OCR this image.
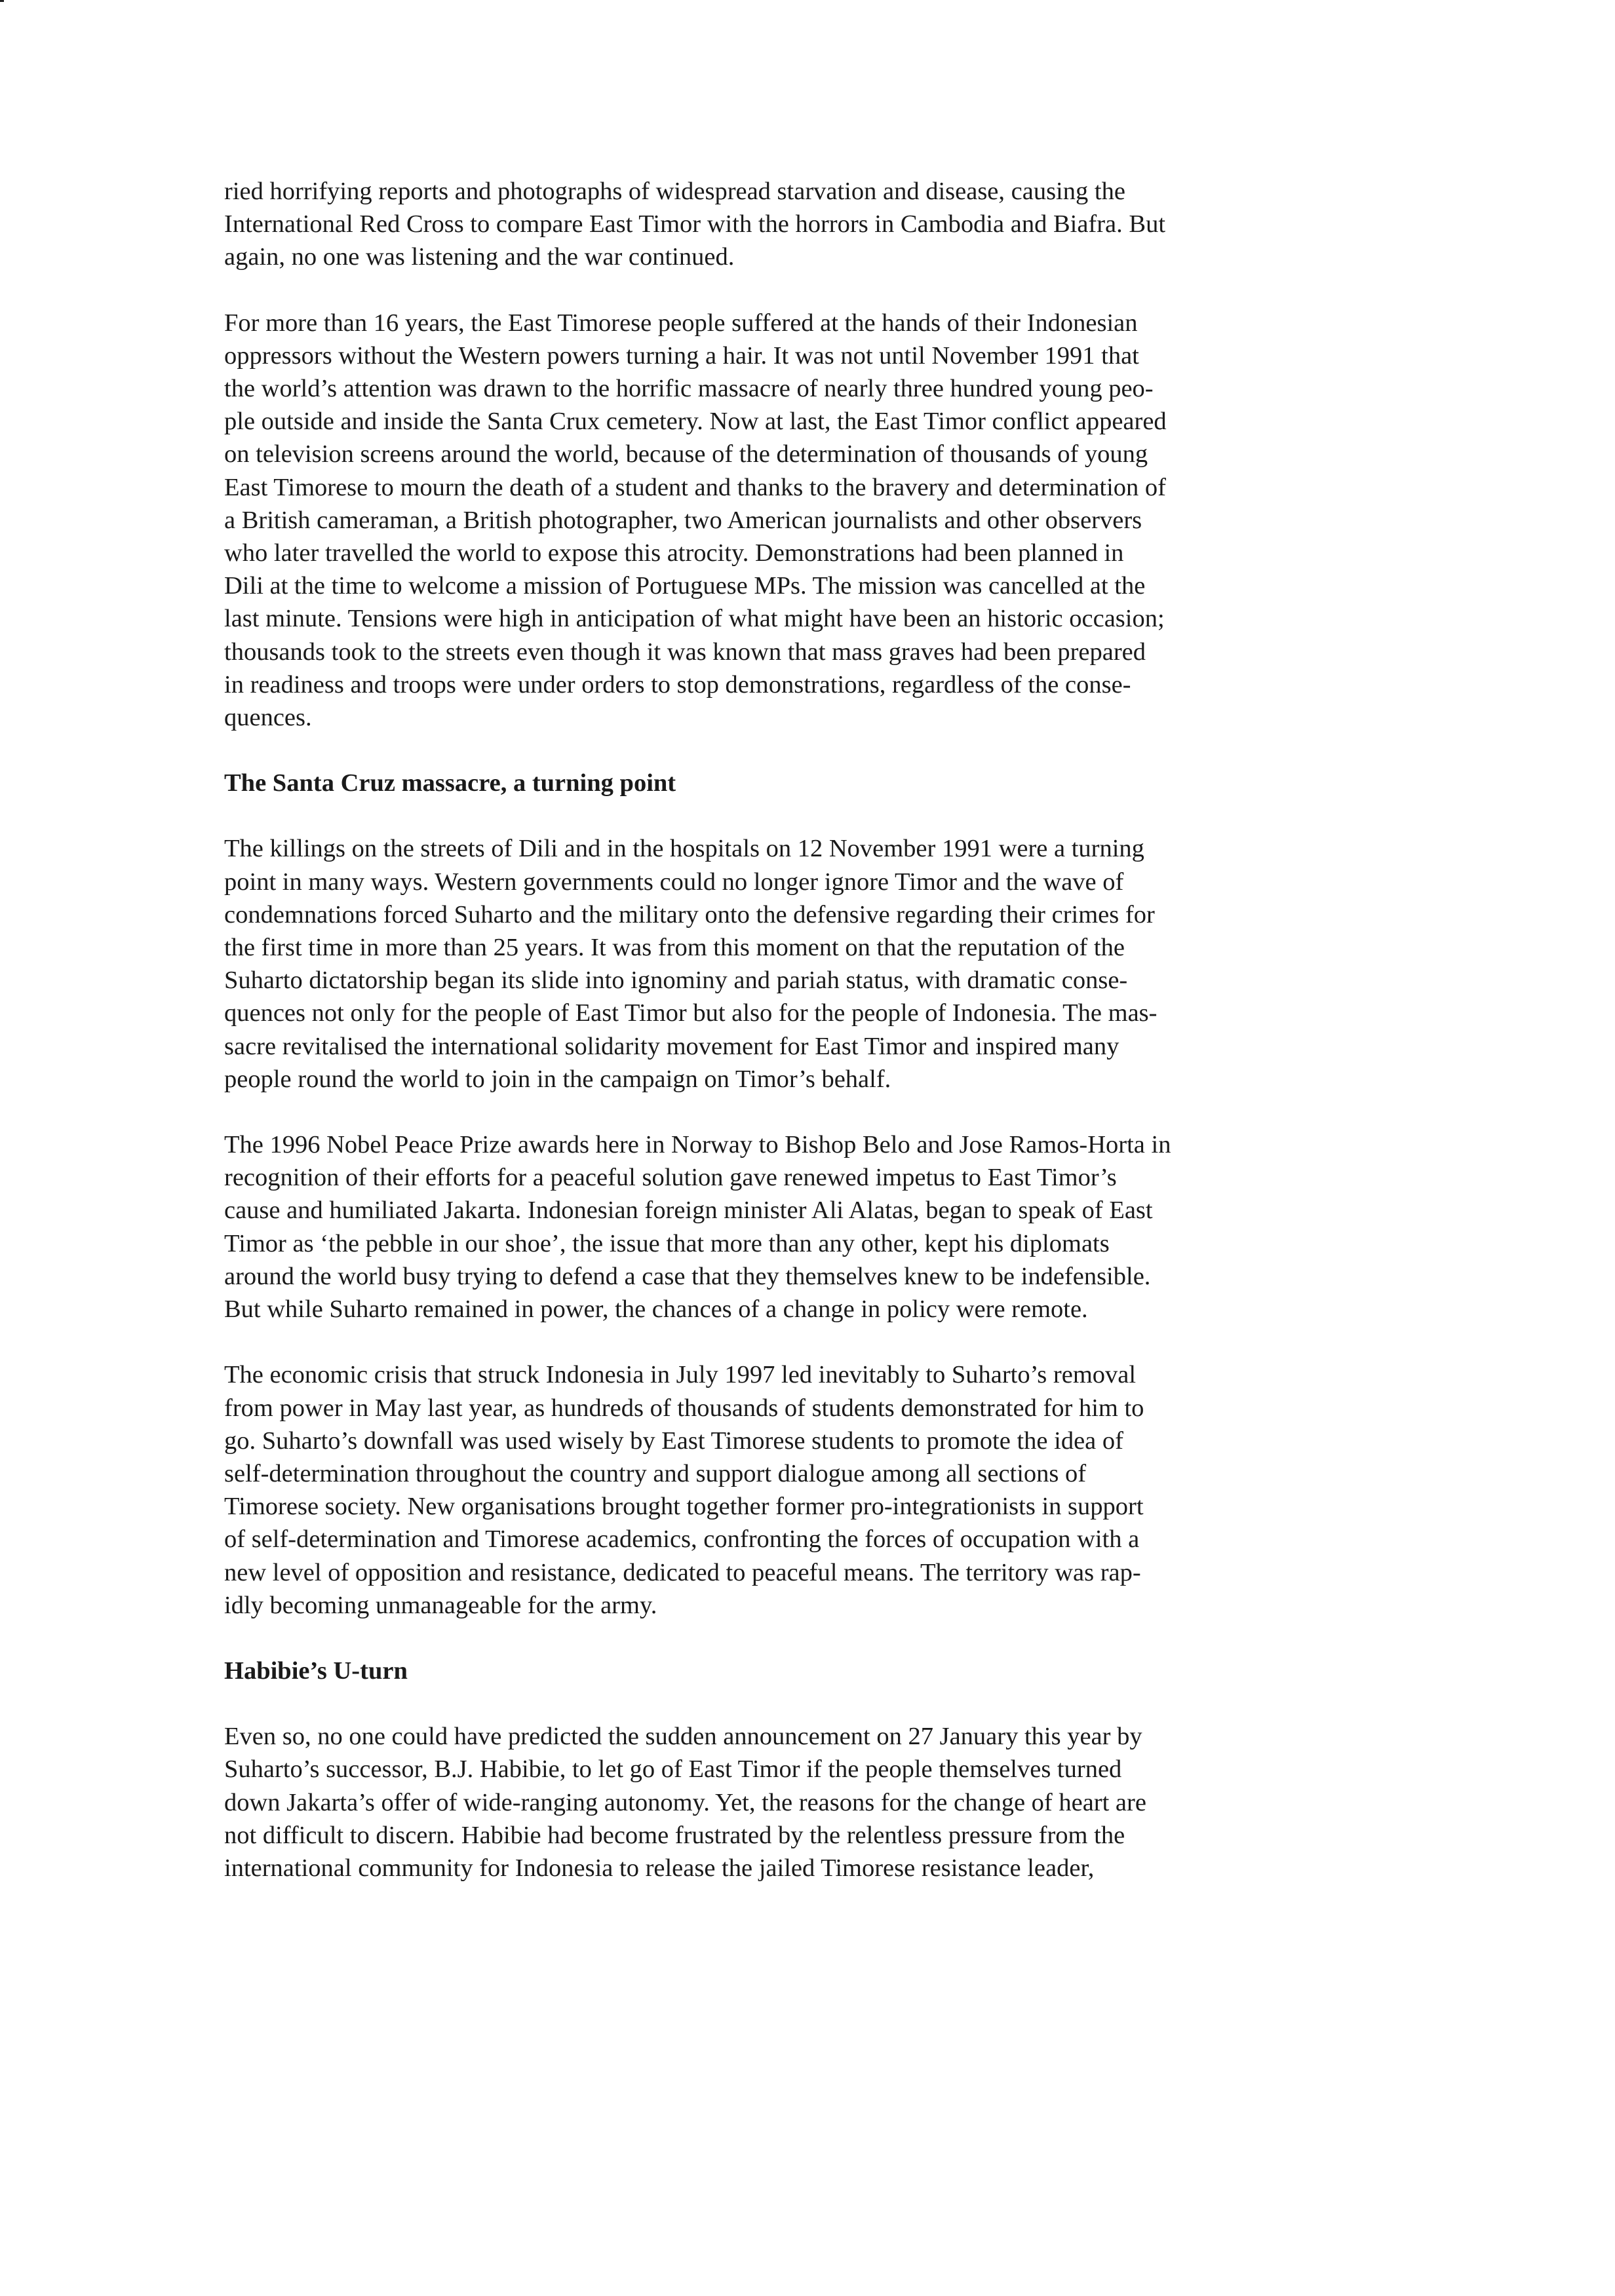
ried horrifying reports and photographs of widespread starvation and disease, causing the
International Red Cross to compare East Timor with the horrors in Cambodia and Biafra. But
again, no one was listening and the war continued.

For more than 16 years, the East Timorese people suffered at the hands of their Indonesian
oppressors without the Western powers turning a hair. It was not until November 1991 that
the world’s attention was drawn to the horrific massacre of nearly three hundred young peo-
ple outside and inside the Santa Crux cemetery. Now at last, the East Timor conflict appeared
on television screens around the world, because of the determination of thousands of young
East Timorese to mourn the death of a student and thanks to the bravery and determination of
a British cameraman, a British photographer, two American journalists and other observers
who later travelled the world to expose this atrocity. Demonstrations had been planned in
Dili at the time to welcome a mission of Portuguese MPs. The mission was cancelled at the
last minute. Tensions were high in anticipation of what might have been an historic occasion;
thousands took to the streets even though it was known that mass graves had been prepared
in readiness and troops were under orders to stop demonstrations, regardless of the conse-
quences.

The Santa Cruz massacre, a turning point

The killings on the streets of Dili and in the hospitals on 12 November 1991 were a turning
point in many ways. Western governments could no longer ignore Timor and the wave of
condemnations forced Suharto and the military onto the defensive regarding their crimes for
the first time in more than 25 years. It was from this moment on that the reputation of the
Suharto dictatorship began its slide into ignominy and pariah status, with dramatic conse-
quences not only for the people of East Timor but also for the people of Indonesia. The mas-
sacre revitalised the international solidarity movement for East Timor and inspired many
people round the world to join in the campaign on Timor’s behalf.

The 1996 Nobel Peace Prize awards here in Norway to Bishop Belo and Jose Ramos-Horta in
recognition of their efforts for a peaceful solution gave renewed impetus to East Timor’s
cause and humiliated Jakarta. Indonesian foreign minister Ali Alatas, began to speak of East
Timor as ‘the pebble in our shoe’, the issue that more than any other, kept his diplomats
around the world busy trying to defend a case that they themselves knew to be indefensible.
But while Suharto remained in power, the chances of a change in policy were remote.

The economic crisis that struck Indonesia in July 1997 led inevitably to Suharto’s removal
from power in May last year, as hundreds of thousands of students demonstrated for him to
go. Suharto’s downfall was used wisely by East Timorese students to promote the idea of
self-determination throughout the country and support dialogue among all sections of
Timorese society. New organisations brought together former pro-integrationists in support
of self-determination and Timorese academics, confronting the forces of occupation with a
new level of opposition and resistance, dedicated to peaceful means. The territory was rap-
idly becoming unmanageable for the army.

Habibie’s U-turn

Even so, no one could have predicted the sudden announcement on 27 January this year by
Suharto’s successor, B.J. Habibie, to let go of East Timor if the people themselves turned
down Jakarta’s offer of wide-ranging autonomy. Yet, the reasons for the change of heart are
not difficult to discern. Habibie had become frustrated by the relentless pressure from the
international community for Indonesia to release the jailed Timorese resistance leader,
